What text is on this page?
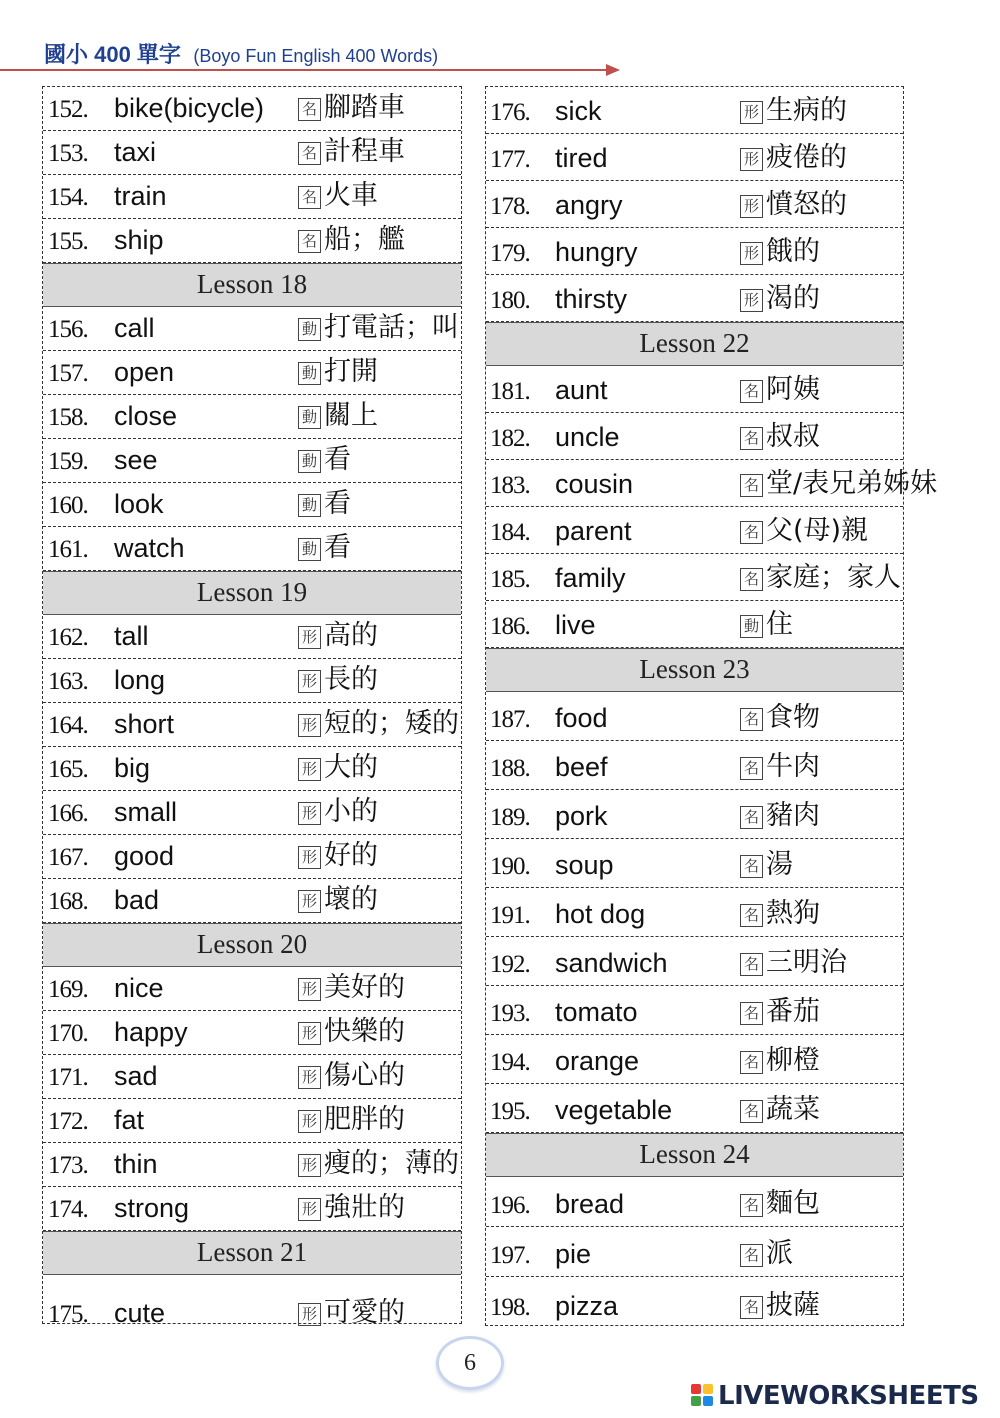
國小 400 單字 (Boyo Fun English 400 Words)
152. bike(bicycle)	名 腳踏車
153. taxi	名 計程車
154. train	名 火車
155. ship	名 船；艦
Lesson 18
156. call	動 打電話；叫
157. open	動 打開
158. close	動 關上
159. see	動 看
160. look	動 看
161. watch	動 看
Lesson 19
162. tall	形 高的
163. long	形 長的
164. short	形 短的；矮的
165. big	形 大的
166. small	形 小的
167. good	形 好的
168. bad	形 壞的
Lesson 20
169. nice	形 美好的
170. happy	形 快樂的
171. sad	形 傷心的
172. fat	形 肥胖的
173. thin	形 瘦的；薄的
174. strong	形 強壯的
Lesson 21
175. cute	形 可愛的
176. sick	形 生病的
177. tired	形 疲倦的
178. angry	形 憤怒的
179. hungry	形 餓的
180. thirsty	形 渴的
Lesson 22
181. aunt	名 阿姨
182. uncle	名 叔叔
183. cousin	名 堂/表兄弟姊妹
184. parent	名 父(母)親
185. family	名 家庭；家人
186. live	動 住
Lesson 23
187. food	名 食物
188. beef	名 牛肉
189. pork	名 豬肉
190. soup	名 湯
191. hot dog	名 熱狗
192. sandwich	名 三明治
193. tomato	名 番茄
194. orange	名 柳橙
195. vegetable	名 蔬菜
Lesson 24
196. bread	名 麵包
197. pie	名 派
198. pizza	名 披薩
6
LIVEWORKSHEETS
